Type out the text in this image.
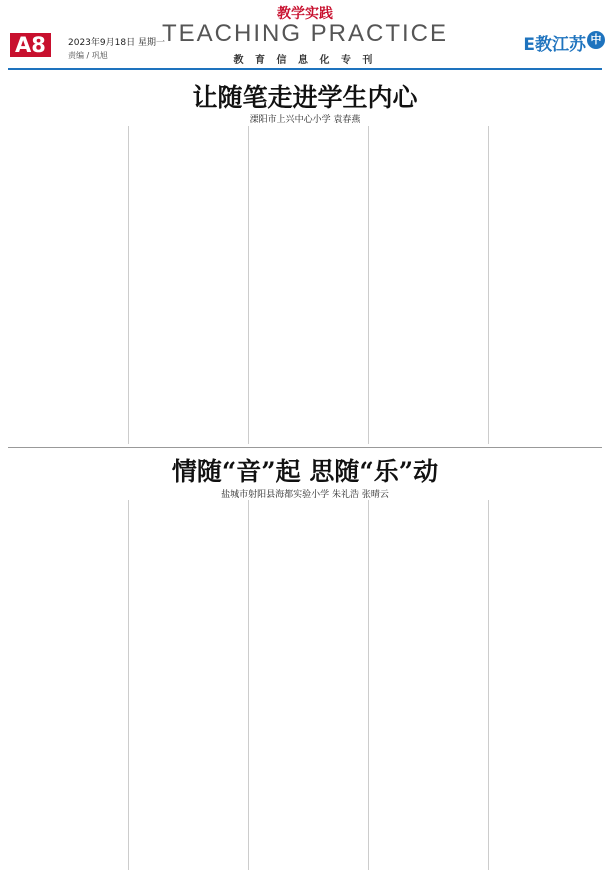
A8	2023年9月18日 星期一
责编 / 巩旭
教学实践
TEACHING PRACTICE
教 育 信 息 化 专 刊
E教江苏 中
让随笔走进学生内心
溧阳市上兴中心小学 袁春燕
情随“音”起 思随“乐”动
盐城市射阳县海都实验小学 朱礼浩 张晴云
